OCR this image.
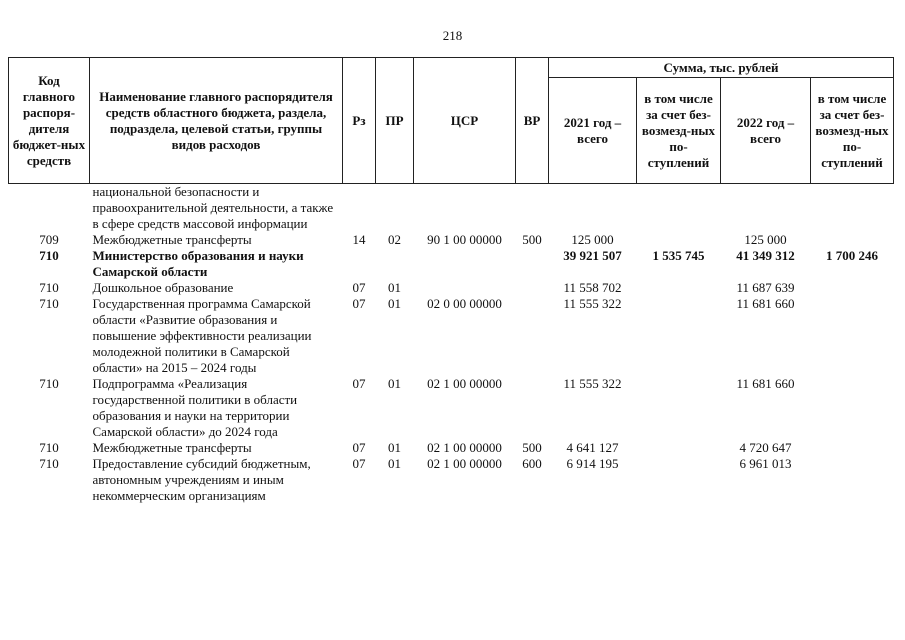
218
Код главного распоря-дителя бюджет-ных средств	Наименование главного распорядителя средств областного бюджета, раздела, подраздела, целевой статьи, группы видов расходов	Рз	ПР	ЦСР	ВР	Сумма, тыс. рублей			
						2021 год – всего	в том числе за счет без-возмезд-ных по-ступлений	2022 год – всего	в том числе за счет без-возмезд-ных по-ступлений
	национальной безопасности и правоохранительной деятельности, а также в сфере средств массовой информации								
709	Межбюджетные трансферты	14	02	90 1 00 00000	500	125 000		125 000	
710	Министерство образования и науки Самарской области					39 921 507	1 535 745	41 349 312	1 700 246
710	Дошкольное образование	07	01			11 558 702		11 687 639	
710	Государственная программа Самарской области «Развитие образования и повышение эффективности реализации молодежной политики в Самарской области» на 2015 – 2024 годы	07	01	02 0 00 00000		11 555 322		11 681 660	
710	Подпрограмма «Реализация государственной политики в области образования и науки на территории Самарской области» до 2024 года	07	01	02 1 00 00000		11 555 322		11 681 660	
710	Межбюджетные трансферты	07	01	02 1 00 00000	500	4 641 127		4 720 647	
710	Предоставление субсидий бюджетным, автономным учреждениям и иным некоммерческим организациям	07	01	02 1 00 00000	600	6 914 195		6 961 013	
